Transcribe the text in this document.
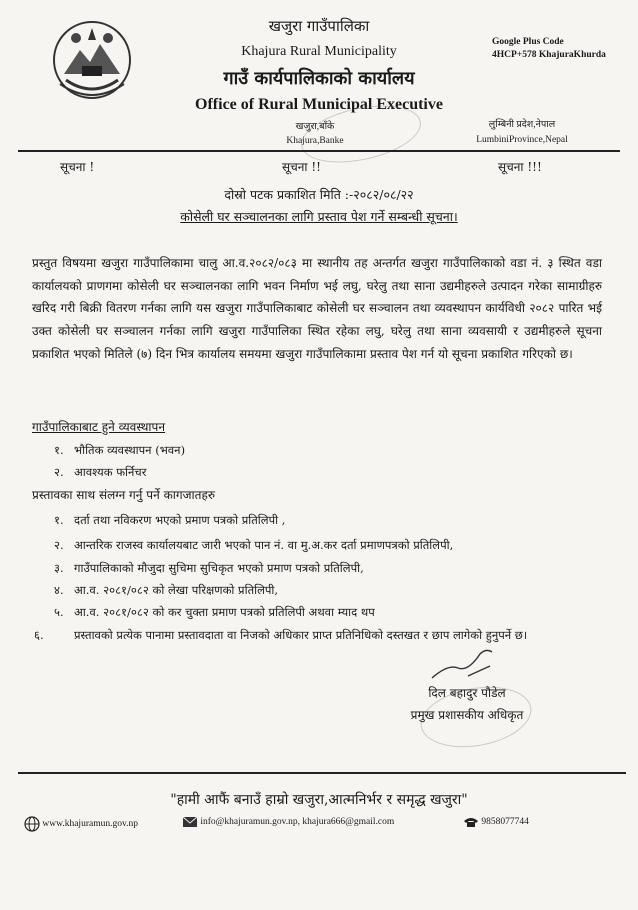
खजुरा गाउँपालिका
Khajura Rural Municipality
गाउँ कार्यपालिकाको कार्यालय
Office of Rural Municipal Executive
Google Plus Code
4HCP+578 KhajuraKhurda
खजुरा,बाँके
Khajura,Banke
लुम्बिनी प्रदेश,नेपाल
LumbiniProvince,Nepal
सूचना !	सूचना !!	सूचना !!!
दोस्रो पटक प्रकाशित मिति :-२०८२/०८/२२
कोसेली घर सञ्चालनका लागि प्रस्ताव पेश गर्ने सम्बन्धी सूचना।
प्रस्तुत विषयमा खजुरा गाउँपालिकामा चालु आ.व.२०८२/०८३ मा स्थानीय तह अन्तर्गत खजुरा गाउँपालिकाको वडा नं. ३ स्थित वडा कार्यालयको प्राणगमा कोसेली घर सञ्चालनका लागि भवन निर्माण भई लघु, घरेलु तथा साना उद्यमीहरुले उत्पादन गरेका सामाग्रीहरु खरिद गरी बिक्री वितरण गर्नका लागि यस खजुरा गाउँपालिकाबाट कोसेली घर सञ्चालन तथा व्यवस्थापन कार्यविधी २०८२ पारित भई उक्त कोसेली घर सञ्चालन गर्नका लागि खजुरा गाउँपालिका स्थित रहेका लघु, घरेलु तथा साना व्यवसायी र उद्यमीहरुले सूचना प्रकाशित भएको मितिले (७) दिन भित्र कार्यालय समयमा खजुरा गाउँपालिकामा प्रस्ताव पेश गर्न यो सूचना प्रकाशित गरिएको छ।
गाउँपालिकाबाट हुने व्यवस्थापन
१. भौतिक व्यवस्थापन (भवन)
२. आवश्यक फर्निचर
प्रस्तावका साथ संलग्न गर्नु पर्ने कागजातहरु
१. दर्ता तथा नविकरण भएको प्रमाण पत्रको प्रतिलिपी ,
२. आन्तरिक राजस्व कार्यालयबाट जारी भएको पान नं. वा मु.अ.कर दर्ता प्रमाणपत्रको प्रतिलिपी,
३. गाउँपालिकाको मौजुदा सुचिमा सुचिकृत भएको प्रमाण पत्रको प्रतिलिपी,
४. आ.व. २०८१/०८२ को लेखा परिक्षणको प्रतिलिपी,
५. आ.व. २०८१/०८२ को कर चुक्ता प्रमाण पत्रको प्रतिलिपी अथवा म्याद थप
६.	प्रस्तावको प्रत्येक पानामा प्रस्तावदाता वा निजको अधिकार प्राप्त प्रतिनिधिको दस्तखत र छाप लागेको हुनुपर्ने छ।
दिल बहादुर पौडेल
प्रमुख प्रशासकीय अधिकृत
"हामी आफैं बनाउँ हाम्रो खजुरा,आत्मनिर्भर र समृद्ध खजुरा"
www.khajuramun.gov.np	info@khajuramun.gov.np, khajura666@gmail.com	9858077744
